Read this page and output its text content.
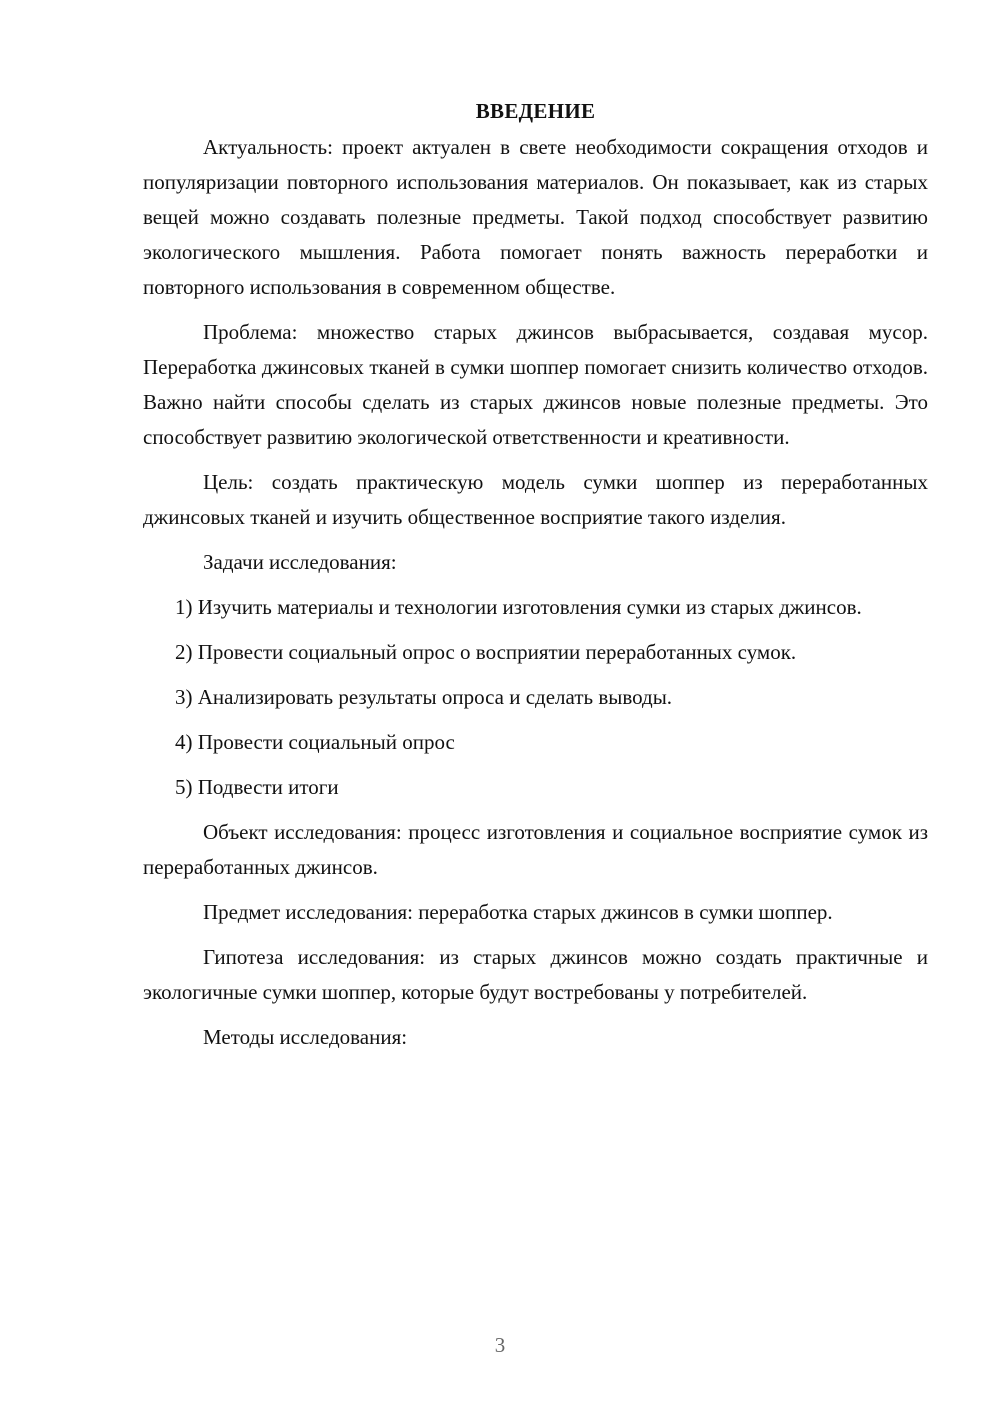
ВВЕДЕНИЕ

Актуальность: проект актуален в свете необходимости сокращения отходов и популяризации повторного использования материалов. Он показывает, как из старых вещей можно создавать полезные предметы. Такой подход способствует развитию экологического мышления. Работа помогает понять важность переработки и повторного использования в современном обществе.

Проблема: множество старых джинсов выбрасывается, создавая мусор. Переработка джинсовых тканей в сумки шоппер помогает снизить количество отходов. Важно найти способы сделать из старых джинсов новые полезные предметы. Это способствует развитию экологической ответственности и креативности.

Цель: создать практическую модель сумки шоппер из переработанных джинсовых тканей и изучить общественное восприятие такого изделия.

Задачи исследования:

1) Изучить материалы и технологии изготовления сумки из старых джинсов.

2) Провести социальный опрос о восприятии переработанных сумок.

3) Анализировать результаты опроса и сделать выводы.

4) Провести социальный опрос

5) Подвести итоги

Объект исследования: процесс изготовления и социальное восприятие сумок из переработанных джинсов.

Предмет исследования: переработка старых джинсов в сумки шоппер.

Гипотеза исследования: из старых джинсов можно создать практичные и экологичные сумки шоппер, которые будут востребованы у потребителей.

Методы исследования:

3
